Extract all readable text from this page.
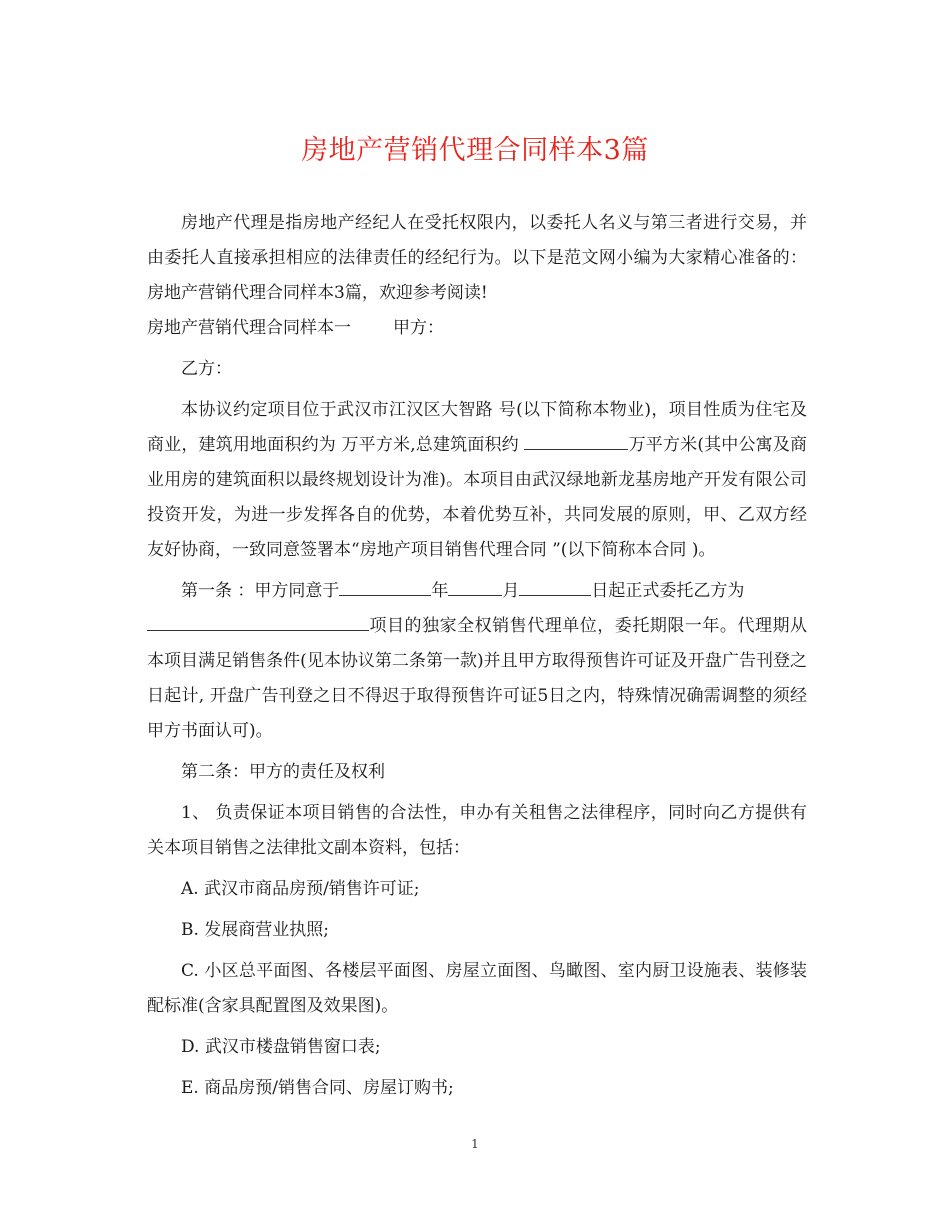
房地产营销代理合同样本3篇

房地产代理是指房地产经纪人在受托权限内，以委托人名义与第三者进行交易，并由委托人直接承担相应的法律责任的经纪行为。以下是范文网小编为大家精心准备的：房地产营销代理合同样本3篇，欢迎参考阅读!

房地产营销代理合同样本一 甲方：

乙方：

本协议约定项目位于武汉市江汉区大智路 号(以下简称本物业)，项目性质为住宅及商业，建筑用地面积约为 万平方米,总建筑面积约	万平方米(其中公寓及商业用房的建筑面积以最终规划设计为准)。本项目由武汉绿地新龙基房地产开发有限公司投资开发，为进一步发挥各自的优势，本着优势互补，共同发展的原则，甲、乙双方经友好协商，一致同意签署本“房地产项目销售代理合同 ”(以下简称本合同 )。

第一条 ：甲方同意于	年	月	日起正式委托乙方为
项目的独家全权销售代理单位，委托期限一年。代理期从本项目满足销售条件(见本协议第二条第一款)并且甲方取得预售许可证及开盘广告刊登之日起计, 开盘广告刊登之日不得迟于取得预售许可证5日之内，特殊情况确需调整的须经甲方书面认可)。

第二条：甲方的责任及权利

1、 负责保证本项目销售的合法性，申办有关租售之法律程序，同时向乙方提供有关本项目销售之法律批文副本资料，包括：

A. 武汉市商品房预/销售许可证;

B. 发展商营业执照;

C. 小区总平面图、各楼层平面图、房屋立面图、鸟瞰图、室内厨卫设施表、装修装配标准(含家具配置图及效果图)。

D. 武汉市楼盘销售窗口表;

E. 商品房预/销售合同、房屋订购书;

1
